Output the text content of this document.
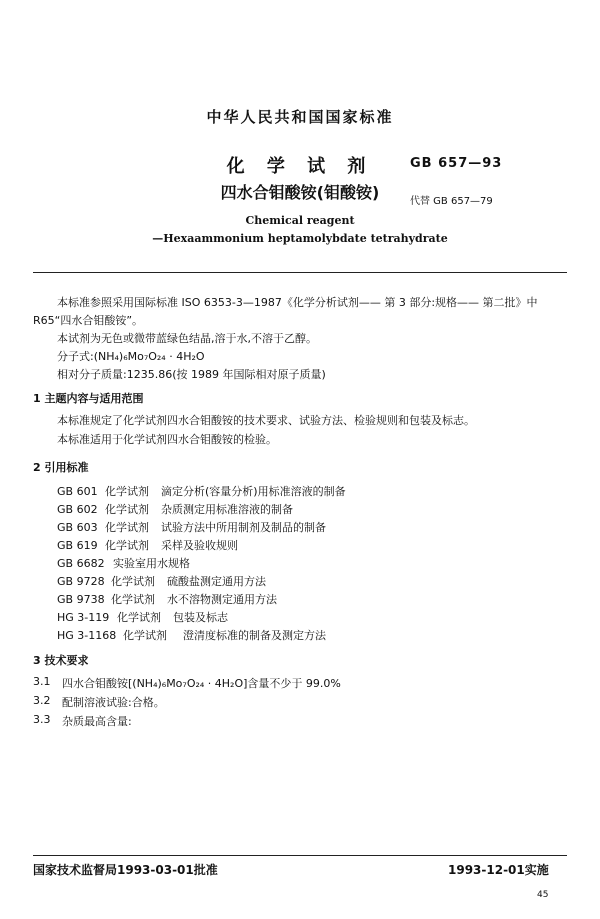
中华人民共和国国家标准
化 学 试 剂	GB 657—93
四水合钼酸铵(钼酸铵)	代替 GB 657—79
Chemical reagent
—Hexaammonium heptamolybdate tetrahydrate
本标准参照采用国际标准 ISO 6353-3—1987《化学分析试剂—— 第 3 部分:规格—— 第二批》中
R65“四水合钼酸铵”。
本试剂为无色或微带蓝绿色结晶,溶于水,不溶于乙醇。
分子式:(NH₄)₆Mo₇O₂₄ · 4H₂O
相对分子质量:1235.86(按 1989 年国际相对原子质量)
1 主题内容与适用范围
本标准规定了化学试剂四水合钼酸铵的技术要求、试验方法、检验规则和包装及标志。
本标准适用于化学试剂四水合钼酸铵的检验。
2 引用标准
GB 601 化学试剂 滴定分析(容量分析)用标准溶液的制备
GB 602 化学试剂 杂质测定用标准溶液的制备
GB 603 化学试剂 试验方法中所用制剂及制品的制备
GB 619 化学试剂 采样及验收规则
GB 6682 实验室用水规格
GB 9728 化学试剂 硫酸盐测定通用方法
GB 9738 化学试剂 水不溶物测定通用方法
HG 3-119 化学试剂 包装及标志
HG 3-1168 化学试剂 澄清度标准的制备及测定方法
3 技术要求
3.1 四水合钼酸铵[(NH₄)₆Mo₇O₂₄ · 4H₂O]含量不少于 99.0%
3.2 配制溶液试验:合格。
3.3 杂质最高含量:
国家技术监督局1993-03-01批准	1993-12-01实施
45
